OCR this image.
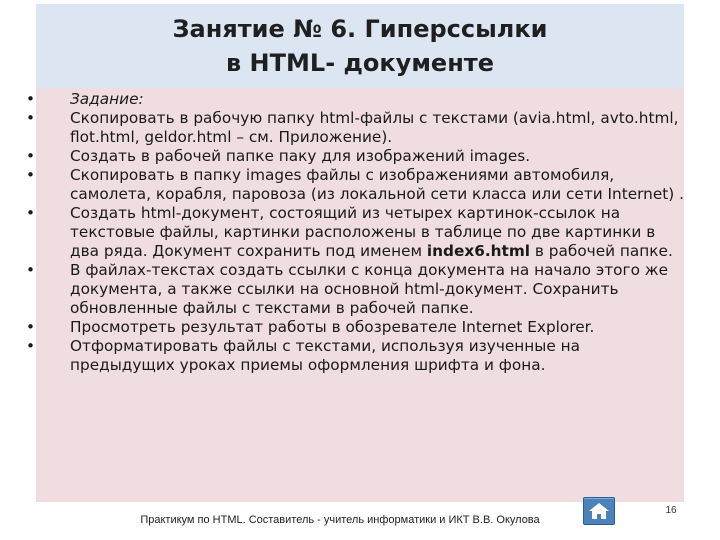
Занятие № 6. Гиперссылки
в HTML- документе
• Задание:
• Скопировать в рабочую папку html-файлы с текстами (avia.html, avto.html, flot.html, geldor.html – см. Приложение).
• Создать в рабочей папке паку для изображений images.
• Скопировать в папку images файлы с изображениями автомобиля, самолета, корабля, паровоза (из локальной сети класса или сети Internet) .
• Создать html-документ, состоящий из четырех картинок-ссылок на текстовые файлы, картинки расположены в таблице по две картинки в два ряда. Документ сохранить под именем index6.html в рабочей папке.
• В файлах-текстах создать ссылки с конца документа на начало этого же документа, а также ссылки на основной html-документ. Сохранить обновленные файлы с текстами в рабочей папке.
• Просмотреть результат работы в обозревателе Internet Explorer.
• Отформатировать файлы с текстами, используя изученные на предыдущих уроках приемы оформления шрифта и фона.
Практикум по HTML. Составитель - учитель информатики и ИКТ В.В. Окулова
16
